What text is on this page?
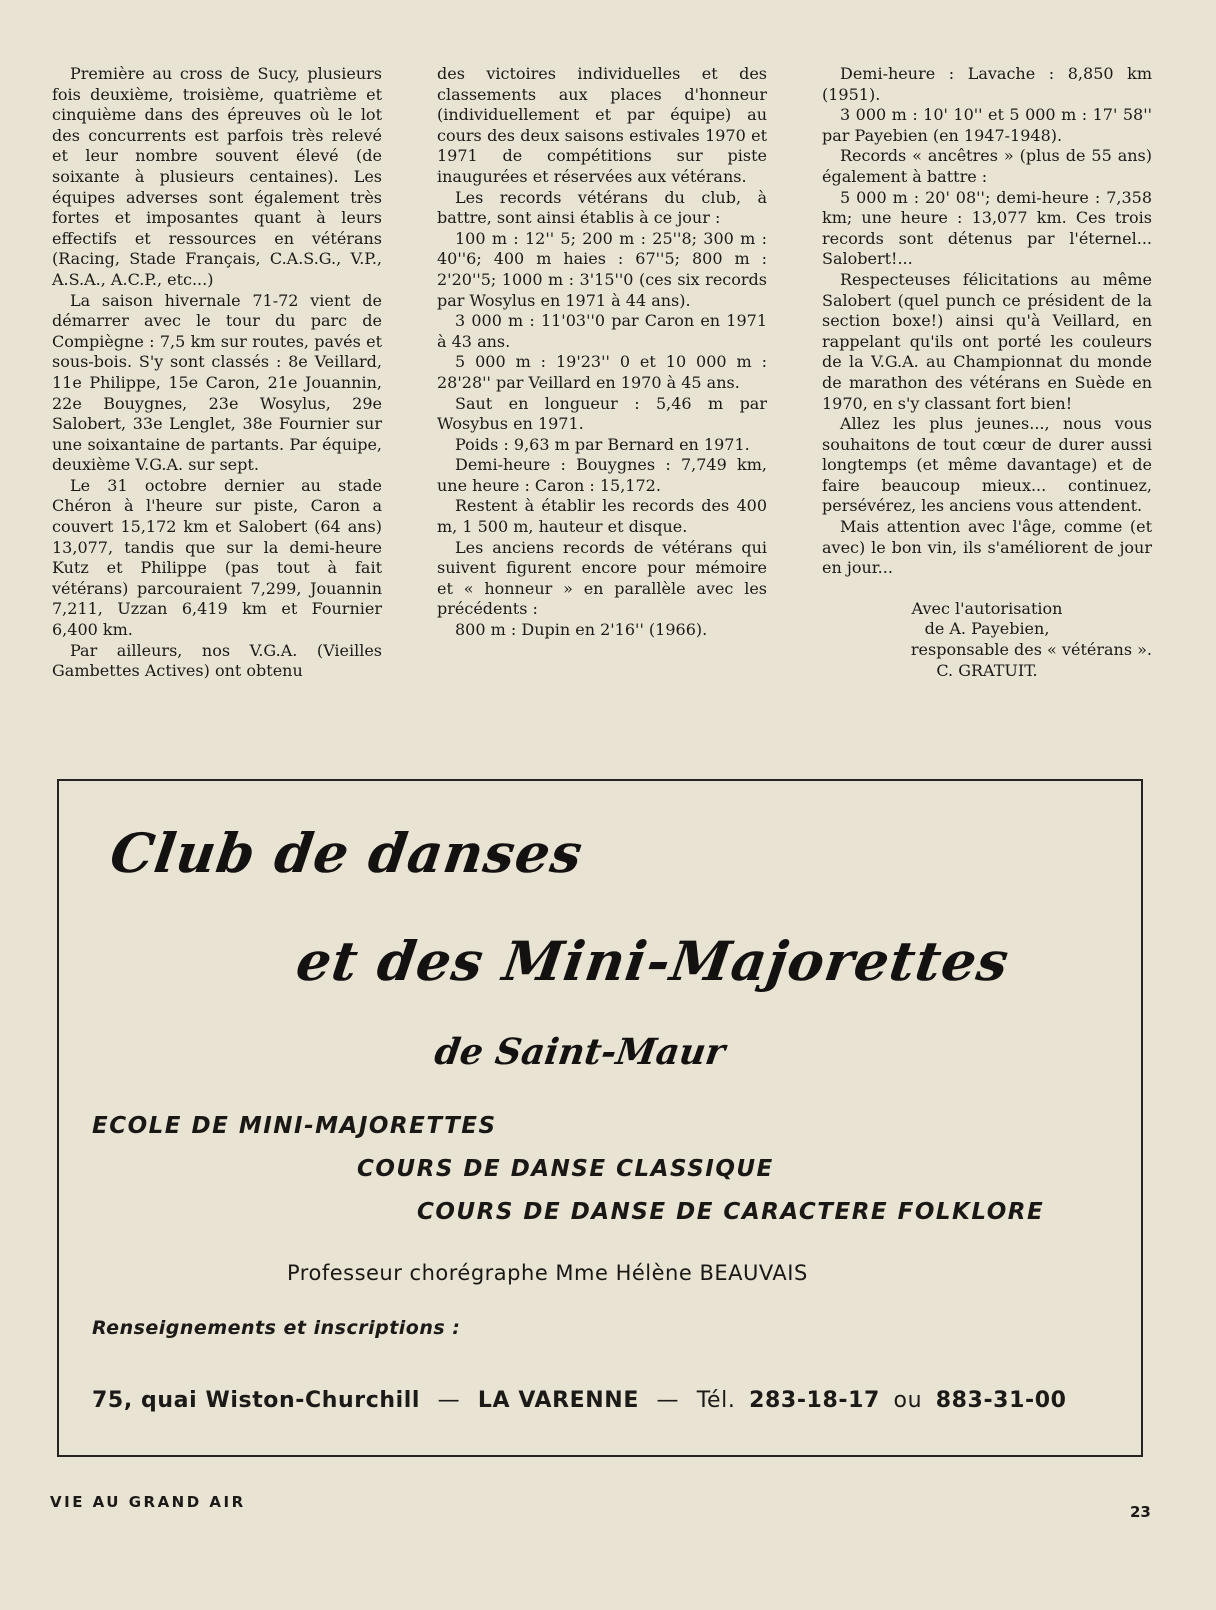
Première au cross de Sucy, plusieurs fois deuxième, troisième, quatrième et cinquième dans des épreuves où le lot des concurrents est parfois très relevé et leur nombre souvent élevé (de soixante à plusieurs centaines). Les équipes adverses sont également très fortes et imposantes quant à leurs effectifs et ressources en vétérans (Racing, Stade Français, C.A.S.G., V.P., A.S.A., A.C.P., etc...)

La saison hivernale 71-72 vient de démarrer avec le tour du parc de Compiègne : 7,5 km sur routes, pavés et sous-bois. S'y sont classés : 8e Veillard, 11e Philippe, 15e Caron, 21e Jouannin, 22e Bouygnes, 23e Wosylus, 29e Salobert, 33e Lenglet, 38e Fournier sur une soixantaine de partants. Par équipe, deuxième V.G.A. sur sept.

Le 31 octobre dernier au stade Chéron à l'heure sur piste, Caron a couvert 15,172 km et Salobert (64 ans) 13,077, tandis que sur la demi-heure Kutz et Philippe (pas tout à fait vétérans) parcouraient 7,299, Jouannin 7,211, Uzzan 6,419 km et Fournier 6,400 km.

Par ailleurs, nos V.G.A. (Vieilles Gambettes Actives) ont obtenu

des victoires individuelles et des classements aux places d'honneur (individuellement et par équipe) au cours des deux saisons estivales 1970 et 1971 de compétitions sur piste inaugurées et réservées aux vétérans.

Les records vétérans du club, à battre, sont ainsi établis à ce jour :

100 m : 12'' 5; 200 m : 25''8; 300 m : 40''6; 400 m haies : 67''5; 800 m : 2'20''5; 1000 m : 3'15''0 (ces six records par Wosylus en 1971 à 44 ans).

3 000 m : 11'03''0 par Caron en 1971 à 43 ans.

5 000 m : 19'23'' 0 et 10 000 m : 28'28'' par Veillard en 1970 à 45 ans.

Saut en longueur : 5,46 m par Wosybus en 1971.

Poids : 9,63 m par Bernard en 1971.

Demi-heure : Bouygnes : 7,749 km, une heure : Caron : 15,172.

Restent à établir les records des 400 m, 1 500 m, hauteur et disque.

Les anciens records de vétérans qui suivent figurent encore pour mémoire et « honneur » en parallèle avec les précédents :

800 m : Dupin en 2'16'' (1966).

Demi-heure : Lavache : 8,850 km (1951).

3 000 m : 10' 10'' et 5 000 m : 17' 58'' par Payebien (en 1947-1948).

Records « ancêtres » (plus de 55 ans) également à battre :

5 000 m : 20' 08''; demi-heure : 7,358 km; une heure : 13,077 km. Ces trois records sont détenus par l'éternel... Salobert!...

Respecteuses félicitations au même Salobert (quel punch ce président de la section boxe!) ainsi qu'à Veillard, en rappelant qu'ils ont porté les couleurs de la V.G.A. au Championnat du monde de marathon des vétérans en Suède en 1970, en s'y classant fort bien!

Allez les plus jeunes..., nous vous souhaitons de tout cœur de durer aussi longtemps (et même davantage) et de faire beaucoup mieux... continuez, persévérez, les anciens vous attendent.

Mais attention avec l'âge, comme (et avec) le bon vin, ils s'améliorent de jour en jour...

Avec l'autorisation

de A. Payebien,

responsable des « vétérans ».

C. GRATUIT.

Club de danses
et des Mini-Majorettes
de Saint-Maur
ECOLE DE MINI-MAJORETTES
COURS DE DANSE CLASSIQUE
COURS DE DANSE DE CARACTERE FOLKLORE
Professeur chorégraphe Mme Hélène BEAUVAIS
Renseignements et inscriptions :
75, quai Wiston-Churchill — LA VARENNE — Tél. 283-18-17 ou 883-31-00
VIE AU GRAND AIR
23
